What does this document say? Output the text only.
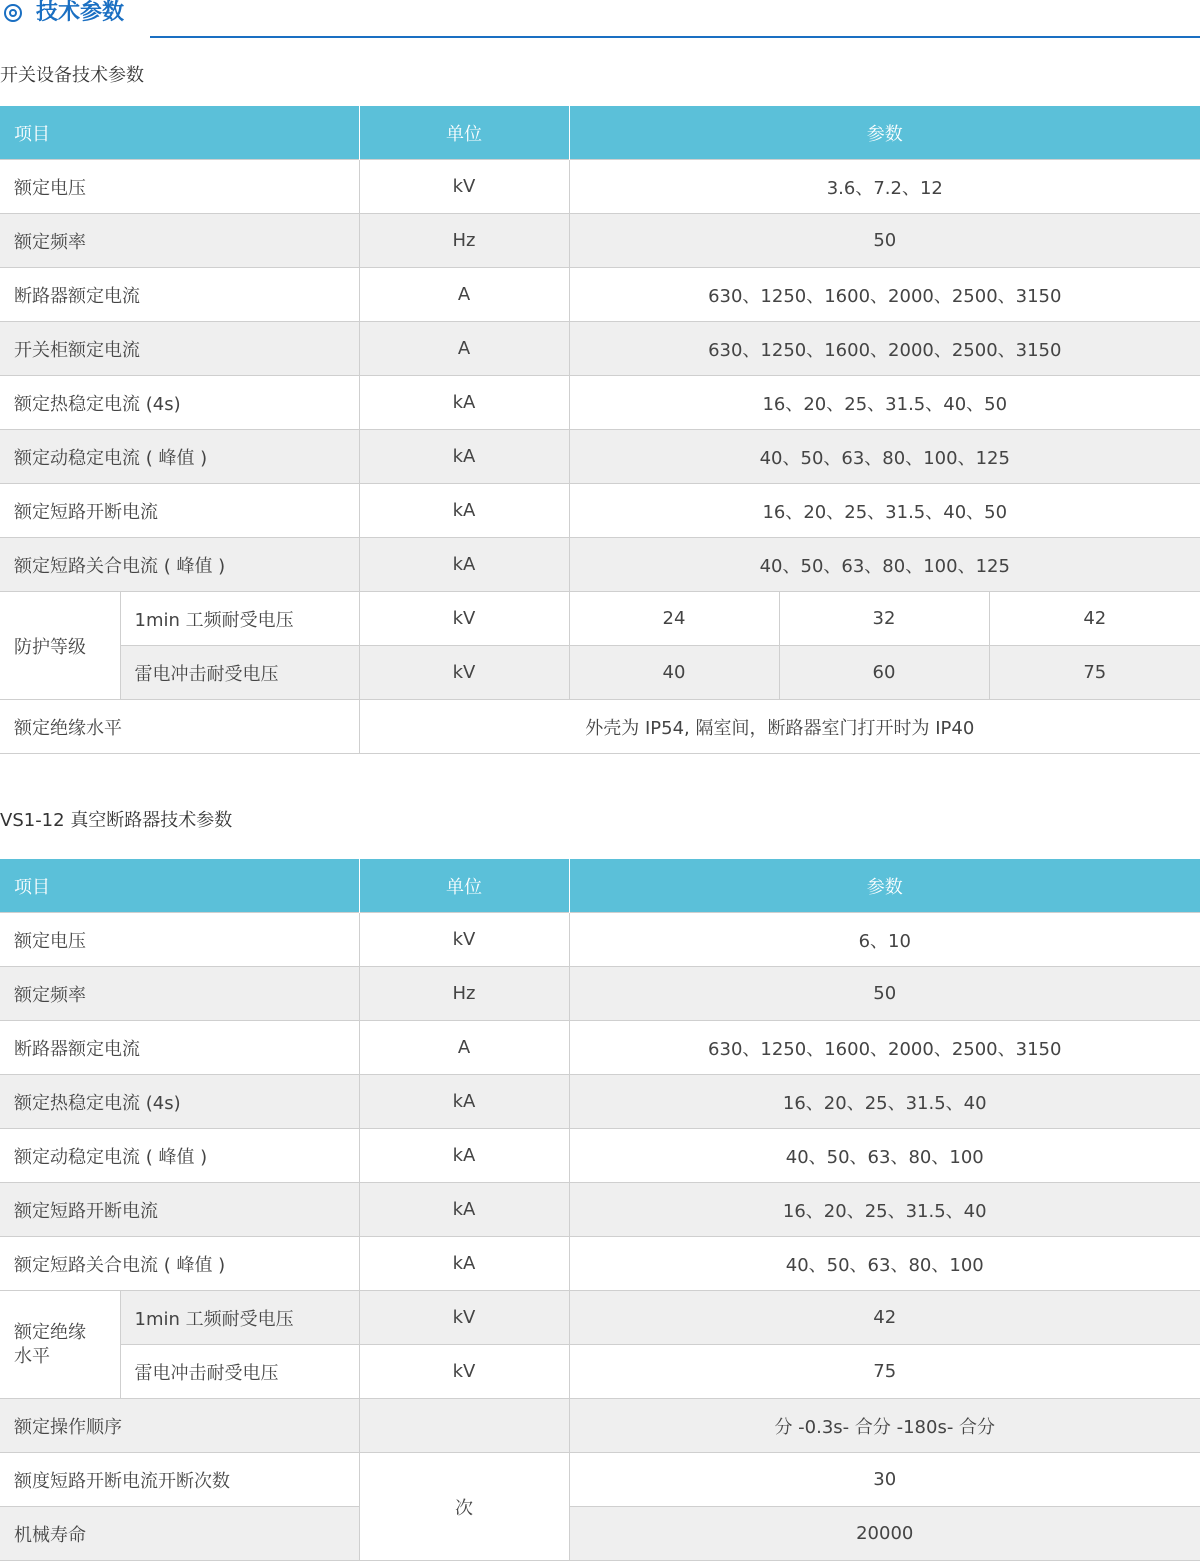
技术参数
开关设备技术参数
项目		单位	参数		
额定电压		kV	3.6、7.2、12		
额定频率		Hz	50		
断路器额定电流		A	630、1250、1600、2000、2500、3150		
开关柜额定电流		A	630、1250、1600、2000、2500、3150		
额定热稳定电流 (4s)		kA	16、20、25、31.5、40、50		
额定动稳定电流 ( 峰值 )		kA	40、50、63、80、100、125		
额定短路开断电流		kA	16、20、25、31.5、40、50		
额定短路关合电流 ( 峰值 )		kA	40、50、63、80、100、125		
防护等级	1min 工频耐受电压	kV	24	32	42
	雷电冲击耐受电压	kV	40	60	75
额定绝缘水平		外壳为 IP54, 隔室间，断路器室门打开时为 IP40			
VS1-12 真空断路器技术参数
项目		单位	参数
额定电压		kV	6、10
额定频率		Hz	50
断路器额定电流		A	630、1250、1600、2000、2500、3150
额定热稳定电流 (4s)		kA	16、20、25、31.5、40
额定动稳定电流 ( 峰值 )		kA	40、50、63、80、100
额定短路开断电流		kA	16、20、25、31.5、40
额定短路关合电流 ( 峰值 )		kA	40、50、63、80、100
额定绝缘
水平	1min 工频耐受电压	kV	42
	雷电冲击耐受电压	kV	75
额定操作顺序			分 -0.3s- 合分 -180s- 合分
额度短路开断电流开断次数		次	30
机械寿命			20000
